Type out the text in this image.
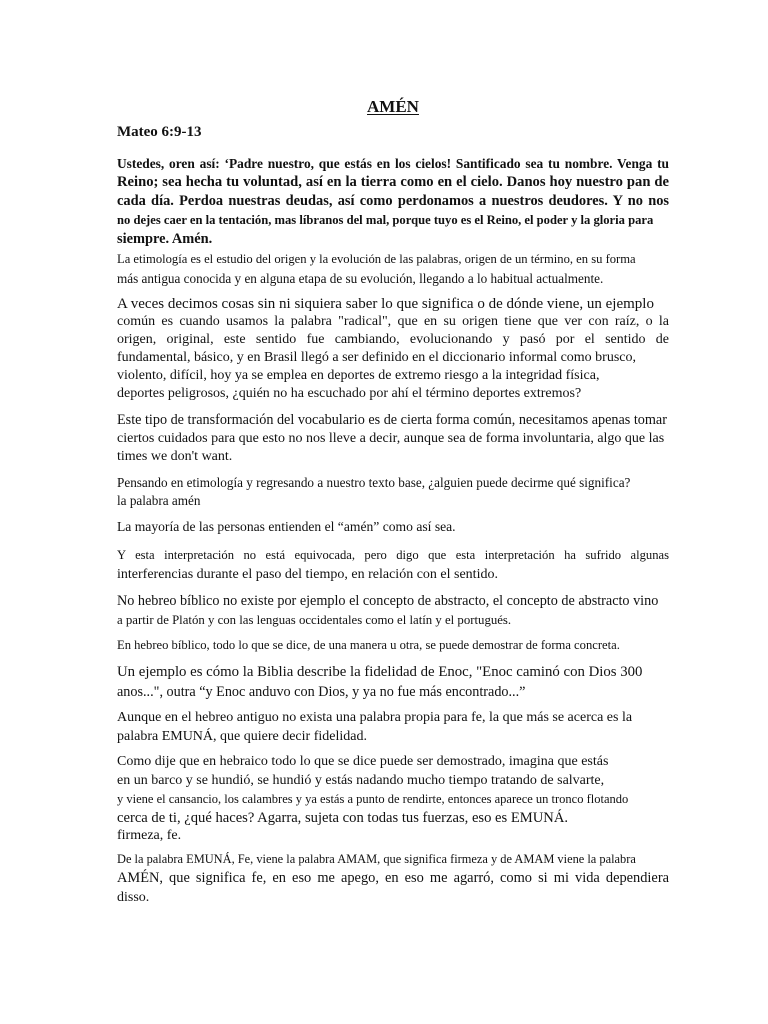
AMÉN
Mateo 6:9-13
Ustedes, oren así: ‘Padre nuestro, que estás en los cielos! Santificado sea tu nombre. Venga tu
Reino; sea hecha tu voluntad, así en la tierra como en el cielo. Danos hoy nuestro pan de
cada día. Perdoa nuestras deudas, así como perdonamos a nuestros deudores. Y no nos
no dejes caer en la tentación, mas líbranos del mal, porque tuyo es el Reino, el poder y la gloria para
siempre. Amén.
La etimología es el estudio del origen y la evolución de las palabras, origen de un término, en su forma
más antigua conocida y en alguna etapa de su evolución, llegando a lo habitual actualmente.
A veces decimos cosas sin ni siquiera saber lo que significa o de dónde viene, un ejemplo
común es cuando usamos la palabra "radical", que en su origen tiene que ver con raíz, o la
origen, original, este sentido fue cambiando, evolucionando y pasó por el sentido de
fundamental, básico, y en Brasil llegó a ser definido en el diccionario informal como brusco,
violento, difícil, hoy ya se emplea en deportes de extremo riesgo a la integridad física,
deportes peligrosos, ¿quién no ha escuchado por ahí el término deportes extremos?
Este tipo de transformación del vocabulario es de cierta forma común, necesitamos apenas tomar
ciertos cuidados para que esto no nos lleve a decir, aunque sea de forma involuntaria, algo que las
times we don't want.
Pensando en etimología y regresando a nuestro texto base, ¿alguien puede decirme qué significa?
la palabra amén
La mayoría de las personas entienden el “amén” como así sea.
Y esta interpretación no está equivocada, pero digo que esta interpretación ha sufrido algunas
interferencias durante el paso del tiempo, en relación con el sentido.
No hebreo bíblico no existe por ejemplo el concepto de abstracto, el concepto de abstracto vino
a partir de Platón y con las lenguas occidentales como el latín y el portugués.
En hebreo bíblico, todo lo que se dice, de una manera u otra, se puede demostrar de forma concreta.
Un ejemplo es cómo la Biblia describe la fidelidad de Enoc, "Enoc caminó con Dios 300
anos...", outra “y Enoc anduvo con Dios, y ya no fue más encontrado...”
Aunque en el hebreo antiguo no exista una palabra propia para fe, la que más se acerca es la
palabra EMUNÁ, que quiere decir fidelidad.
Como dije que en hebraico todo lo que se dice puede ser demostrado, imagina que estás
en un barco y se hundió, se hundió y estás nadando mucho tiempo tratando de salvarte,
y viene el cansancio, los calambres y ya estás a punto de rendirte, entonces aparece un tronco flotando
cerca de ti, ¿qué haces? Agarra, sujeta con todas tus fuerzas, eso es EMUNÁ.
firmeza, fe.
De la palabra EMUNÁ, Fe, viene la palabra AMAM, que significa firmeza y de AMAM viene la palabra
AMÉN, que significa fe, en eso me apego, en eso me agarró, como si mi vida dependiera
disso.
